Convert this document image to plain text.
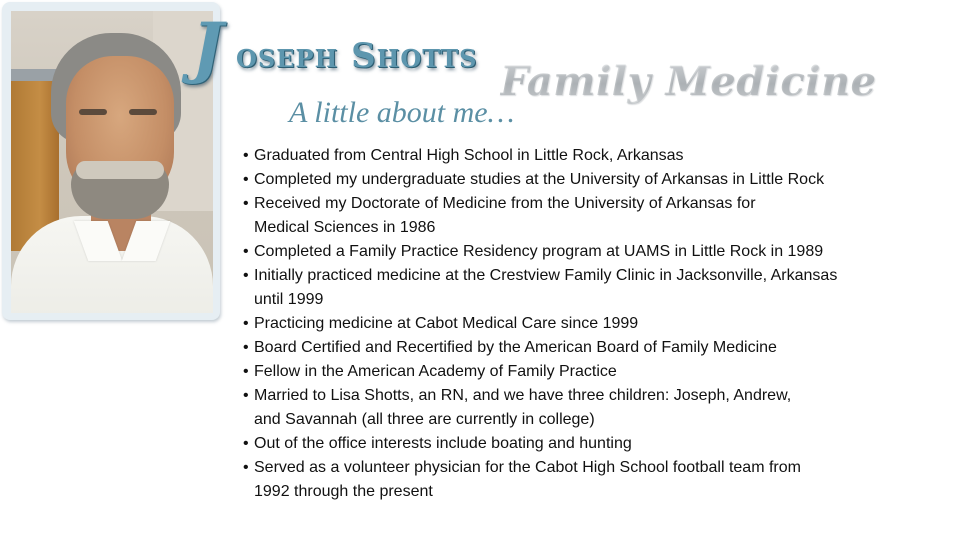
J oseph Shotts
Family Medicine
A little about me…
• Graduated from Central High School in Little Rock, Arkansas
• Completed my undergraduate studies at the University of Arkansas in Little Rock
• Received my Doctorate of Medicine from the University of Arkansas for
Medical Sciences in 1986
• Completed a Family Practice Residency program at UAMS in Little Rock in 1989
• Initially practiced medicine at the Crestview Family Clinic in Jacksonville, Arkansas
until 1999
• Practicing medicine at Cabot Medical Care since 1999
• Board Certified and Recertified by the American Board of Family Medicine
• Fellow in the American Academy of Family Practice
• Married to Lisa Shotts, an RN, and we have three children: Joseph, Andrew,
and Savannah (all three are currently in college)
• Out of the office interests include boating and hunting
• Served as a volunteer physician for the Cabot High School football team from
1992 through the present
